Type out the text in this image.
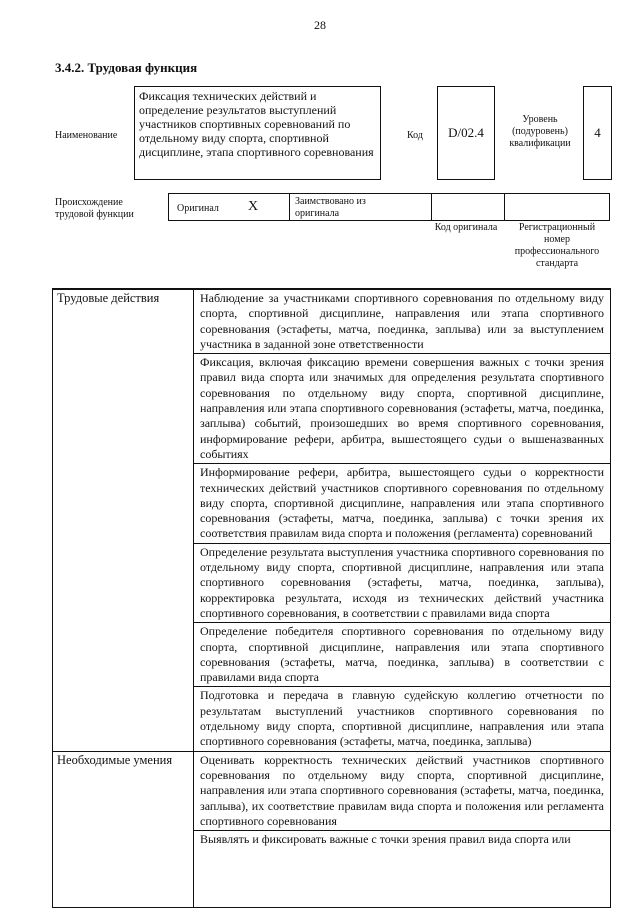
28
3.4.2. Трудовая функция
Наименование
Фиксация технических действий и определение результатов выступлений участников спортивных соревнований по отдельному виду спорта, спортивной дисциплине, этапа спортивного соревнования
Код D/02.4
Уровень (подуровень) квалификации
4
Происхождение трудовой функции
Оригинал X	Заимствовано из оригинала
Код оригинала	Регистрационный номер профессионального стандарта
Трудовые действия	Наблюдение за участниками спортивного соревнования по отдельному виду спорта, спортивной дисциплине, направления или этапа спортивного соревнования (эстафеты, матча, поединка, заплыва) или за выступлением участника в заданной зоне ответственности
Фиксация, включая фиксацию времени совершения важных с точки зрения правил вида спорта или значимых для определения результата спортивного соревнования по отдельному виду спорта, спортивной дисциплине, направления или этапа спортивного соревнования (эстафеты, матча, поединка, заплыва) событий, произошедших во время спортивного соревнования, информирование рефери, арбитра, вышестоящего судьи о вышеназванных событиях
Информирование рефери, арбитра, вышестоящего судьи о корректности технических действий участников спортивного соревнования по отдельному виду спорта, спортивной дисциплине, направления или этапа спортивного соревнования (эстафеты, матча, поединка, заплыва) с точки зрения их соответствия правилам вида спорта и положения (регламента) соревнований
Определение результата выступления участника спортивного соревнования по отдельному виду спорта, спортивной дисциплине, направления или этапа спортивного соревнования (эстафеты, матча, поединка, заплыва), корректировка результата, исходя из технических действий участника спортивного соревнования, в соответствии с правилами вида спорта
Определение победителя спортивного соревнования по отдельному виду спорта, спортивной дисциплине, направления или этапа спортивного соревнования (эстафеты, матча, поединка, заплыва) в соответствии с правилами вида спорта
Подготовка и передача в главную судейскую коллегию отчетности по результатам выступлений участников спортивного соревнования по отдельному виду спорта, спортивной дисциплине, направления или этапа спортивного соревнования (эстафеты, матча, поединка, заплыва)
Необходимые умения	Оценивать корректность технических действий участников спортивного соревнования по отдельному виду спорта, спортивной дисциплине, направления или этапа спортивного соревнования (эстафеты, матча, поединка, заплыва), их соответствие правилам вида спорта и положения или регламента спортивного соревнования
Выявлять и фиксировать важные с точки зрения правил вида спорта или
